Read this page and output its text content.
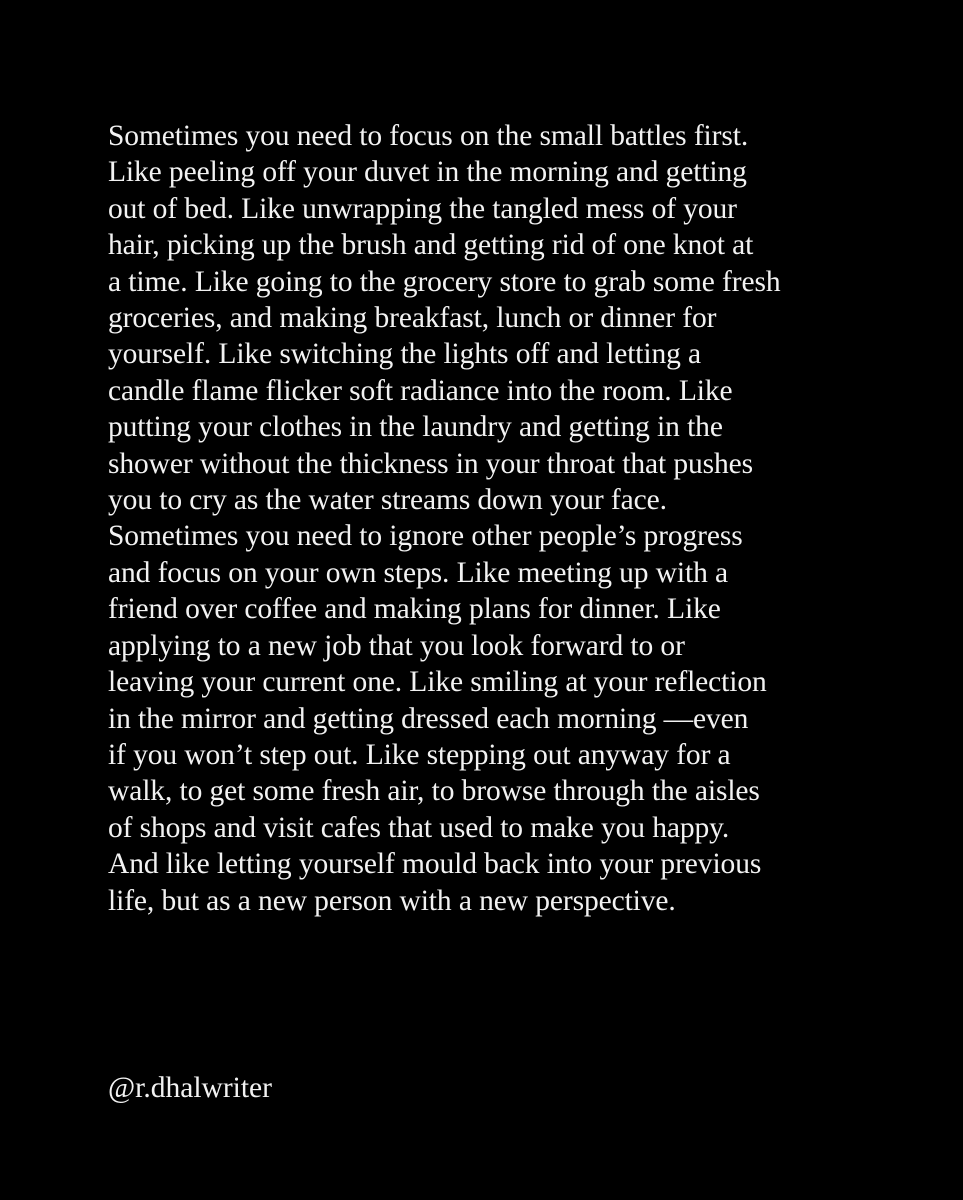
Sometimes you need to focus on the small battles first.
Like peeling off your duvet in the morning and getting
out of bed. Like unwrapping the tangled mess of your
hair, picking up the brush and getting rid of one knot at
a time. Like going to the grocery store to grab some fresh
groceries, and making breakfast, lunch or dinner for
yourself. Like switching the lights off and letting a
candle flame flicker soft radiance into the room. Like
putting your clothes in the laundry and getting in the
shower without the thickness in your throat that pushes
you to cry as the water streams down your face.
Sometimes you need to ignore other people’s progress
and focus on your own steps. Like meeting up with a
friend over coffee and making plans for dinner. Like
applying to a new job that you look forward to or
leaving your current one. Like smiling at your reflection
in the mirror and getting dressed each morning —even
if you won’t step out. Like stepping out anyway for a
walk, to get some fresh air, to browse through the aisles
of shops and visit cafes that used to make you happy.
And like letting yourself mould back into your previous
life, but as a new person with a new perspective.
@r.dhalwriter
